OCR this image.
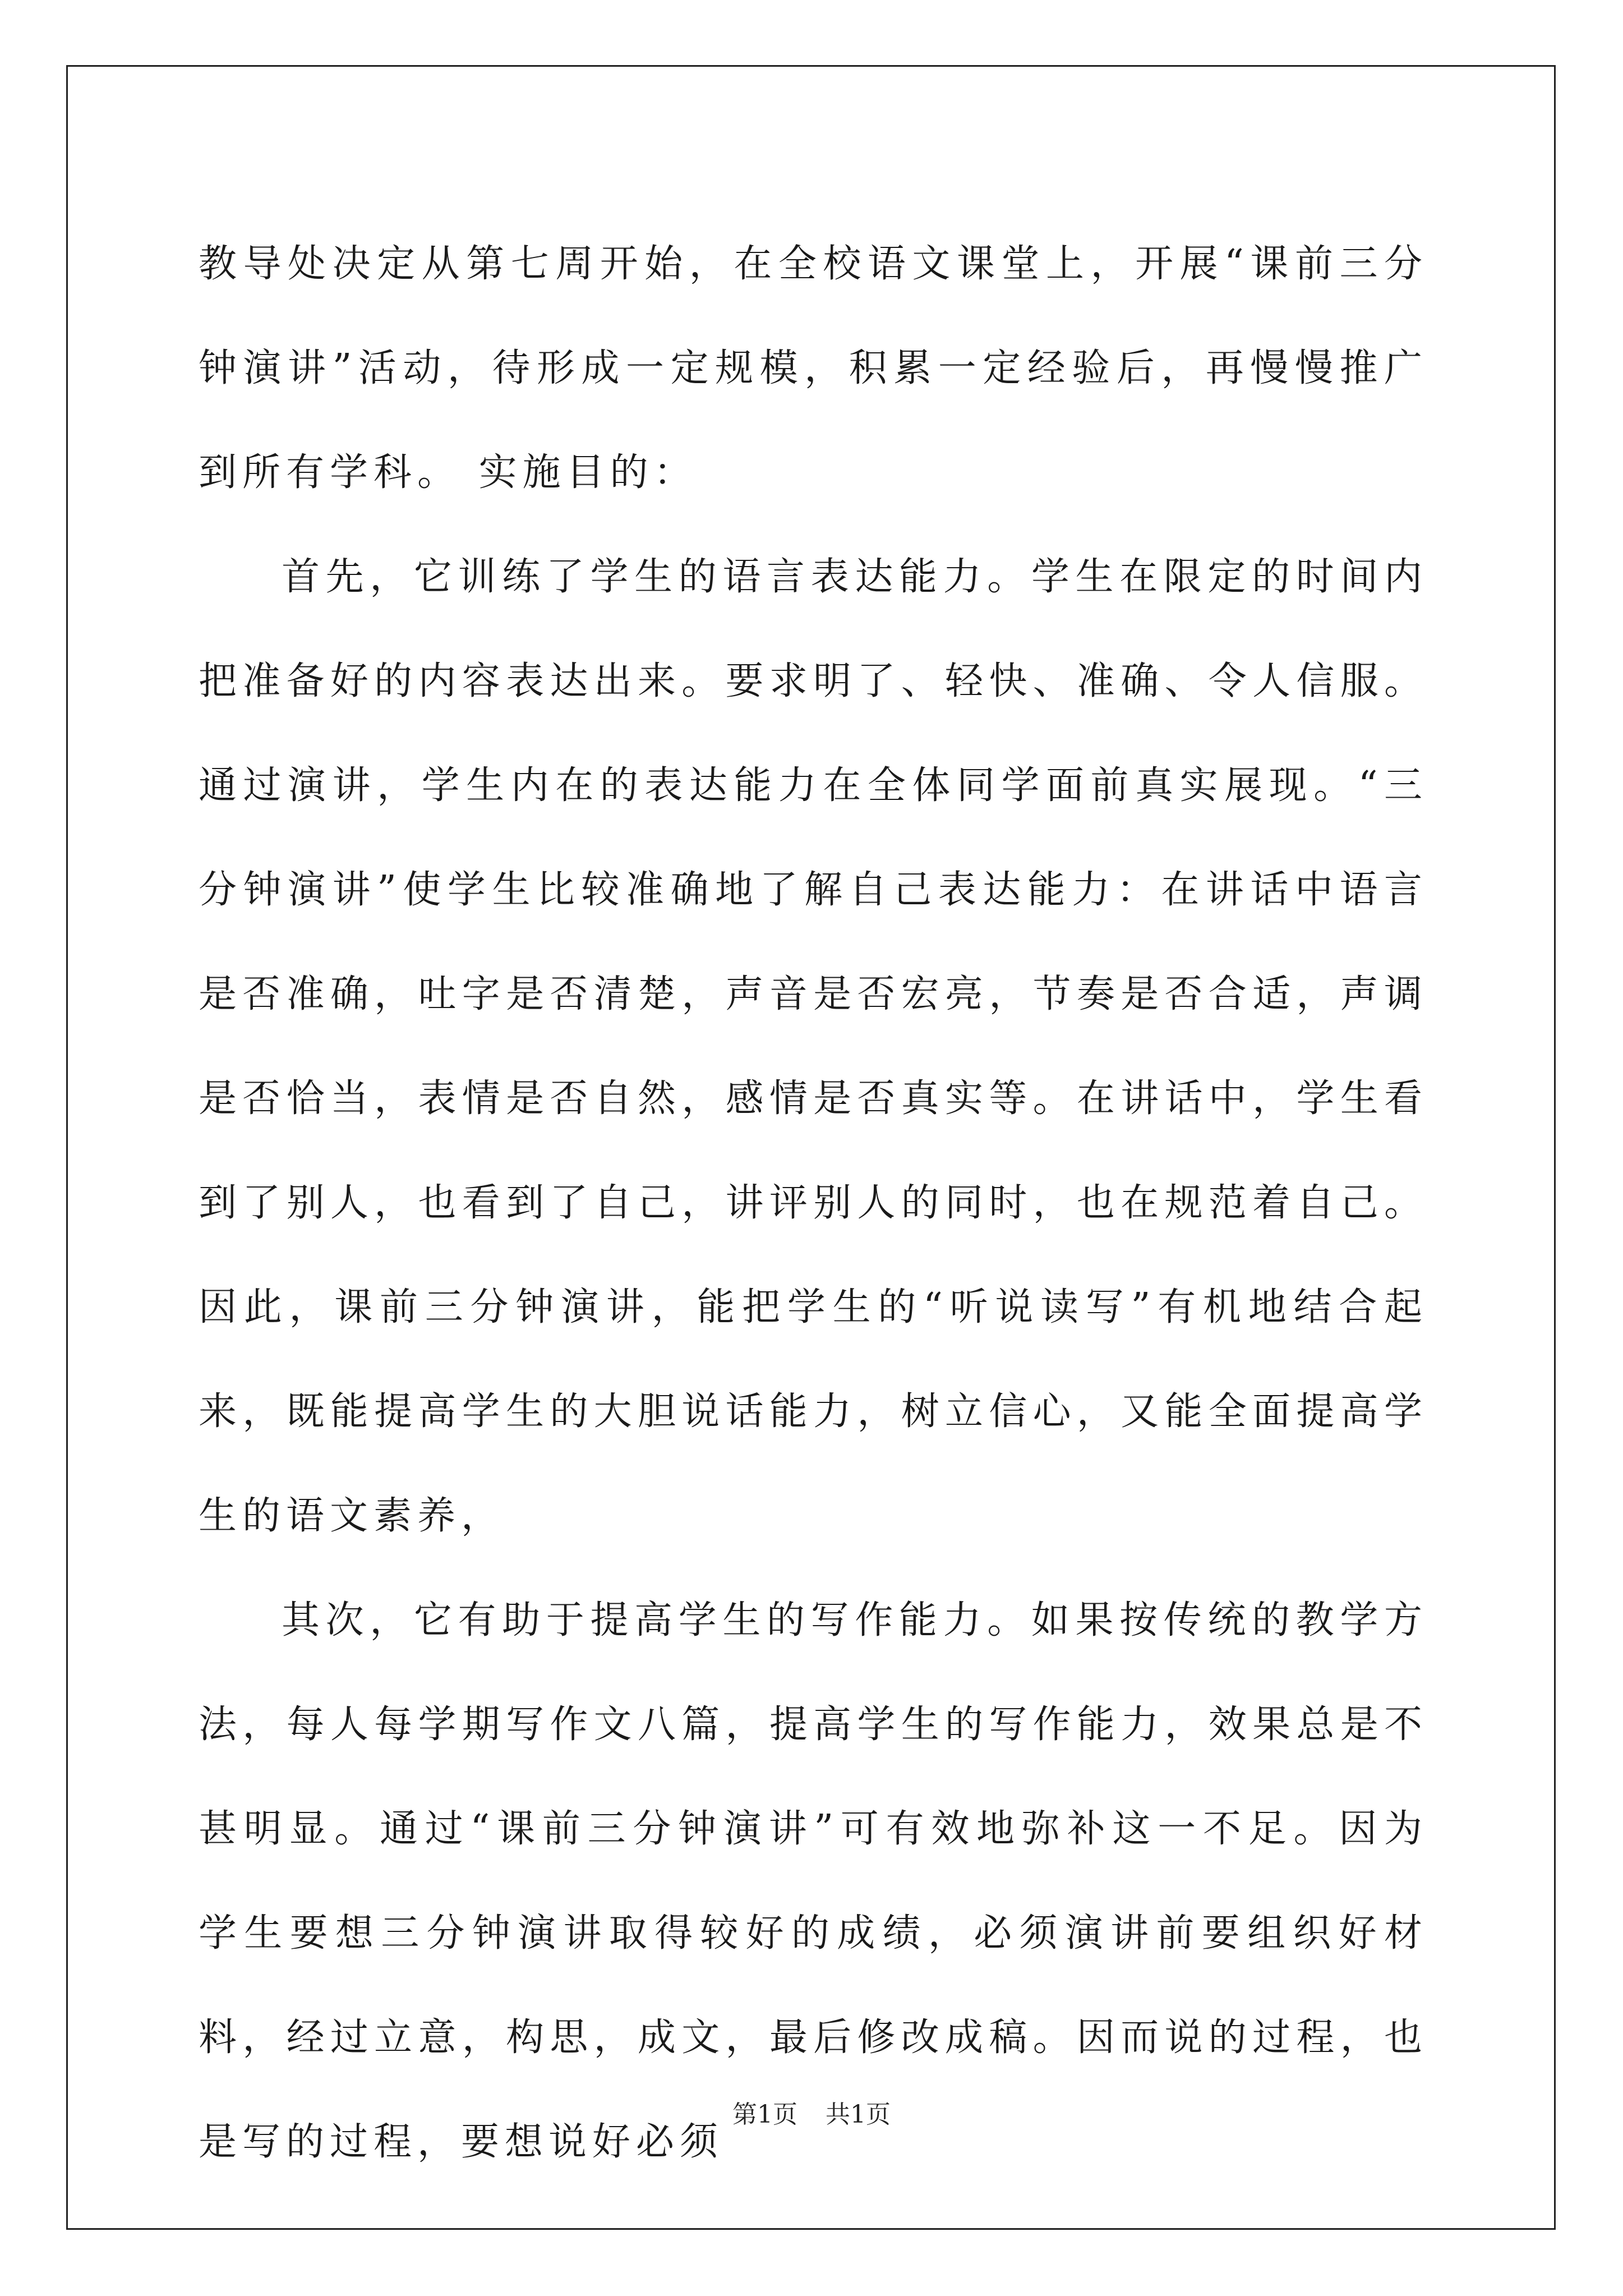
教导处决定从第七周开始，在全校语文课堂上，开展“课前三分钟演讲”活动，待形成一定规模，积累一定经验后，再慢慢推广到所有学科。 实施目的：

首先，它训练了学生的语言表达能力。学生在限定的时间内把准备好的内容表达出来。要求明了、轻快、准确、令人信服。通过演讲，学生内在的表达能力在全体同学面前真实展现。“三分钟演讲”使学生比较准确地了解自己表达能力：在讲话中语言是否准确，吐字是否清楚，声音是否宏亮，节奏是否合适，声调是否恰当，表情是否自然，感情是否真实等。在讲话中，学生看到了别人，也看到了自己，讲评别人的同时，也在规范着自己。 因此，课前三分钟演讲，能把学生的“听说读写”有机地结合起来，既能提高学生的大胆说话能力，树立信心，又能全面提高学生的语文素养，

其次，它有助于提高学生的写作能力。如果按传统的教学方法，每人每学期写作文八篇，提高学生的写作能力，效果总是不甚明显。通过“课前三分钟演讲”可有效地弥补这一不足。因为学生要想三分钟演讲取得较好的成绩，必须演讲前要组织好材料，经过立意，构思，成文，最后修改成稿。因而说的过程，也是写的过程，要想说好必须

第1页 共1页
